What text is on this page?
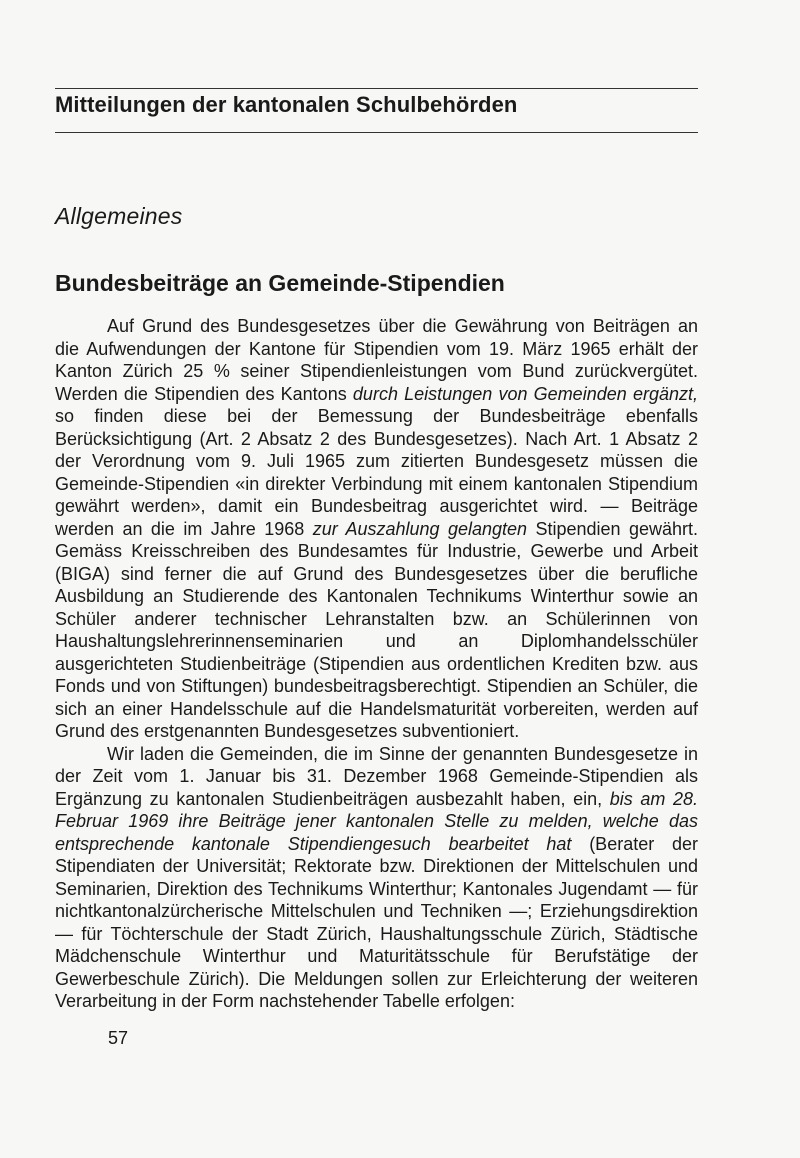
Mitteilungen der kantonalen Schulbehörden
Allgemeines
Bundesbeiträge an Gemeinde-Stipendien

Auf Grund des Bundesgesetzes über die Gewährung von Beiträgen an die Aufwendungen der Kantone für Stipendien vom 19. März 1965 erhält der Kanton Zürich 25 % seiner Stipendienleistungen vom Bund zurückvergütet. Werden die Stipendien des Kantons durch Leistungen von Gemeinden ergänzt, so finden diese bei der Bemessung der Bundesbeiträge ebenfalls Berücksichtigung (Art. 2 Absatz 2 des Bundesgesetzes). Nach Art. 1 Absatz 2 der Verordnung vom 9. Juli 1965 zum zitierten Bundesgesetz müssen die Gemeinde-Stipendien «in direkter Verbindung mit einem kantonalen Stipendium gewährt werden», damit ein Bundesbeitrag ausgerichtet wird. — Beiträge werden an die im Jahre 1968 zur Auszahlung gelangten Stipendien gewährt. Gemäss Kreisschreiben des Bundesamtes für Industrie, Gewerbe und Arbeit (BIGA) sind ferner die auf Grund des Bundesgesetzes über die berufliche Ausbildung an Studierende des Kantonalen Technikums Winterthur sowie an Schüler anderer technischer Lehranstalten bzw. an Schülerinnen von Haushaltungslehrerinnenseminarien und an Diplomhandelsschüler ausgerichteten Studienbeiträge (Stipendien aus ordentlichen Krediten bzw. aus Fonds und von Stiftungen) bundesbeitragsberechtigt. Stipendien an Schüler, die sich an einer Handelsschule auf die Handelsmaturität vorbereiten, werden auf Grund des erstgenannten Bundesgesetzes subventioniert.

Wir laden die Gemeinden, die im Sinne der genannten Bundesgesetze in der Zeit vom 1. Januar bis 31. Dezember 1968 Gemeinde-Stipendien als Ergänzung zu kantonalen Studienbeiträgen ausbezahlt haben, ein, bis am 28. Februar 1969 ihre Beiträge jener kantonalen Stelle zu melden, welche das entsprechende kantonale Stipendiengesuch bearbeitet hat (Berater der Stipendiaten der Universität; Rektorate bzw. Direktionen der Mittelschulen und Seminarien, Direktion des Technikums Winterthur; Kantonales Jugendamt — für nichtkantonalzürcherische Mittelschulen und Techniken —; Erziehungsdirektion — für Töchterschule der Stadt Zürich, Haushaltungsschule Zürich, Städtische Mädchenschule Winterthur und Maturitätsschule für Berufstätige der Gewerbeschule Zürich). Die Meldungen sollen zur Erleichterung der weiteren Verarbeitung in der Form nachstehender Tabelle erfolgen:

57
